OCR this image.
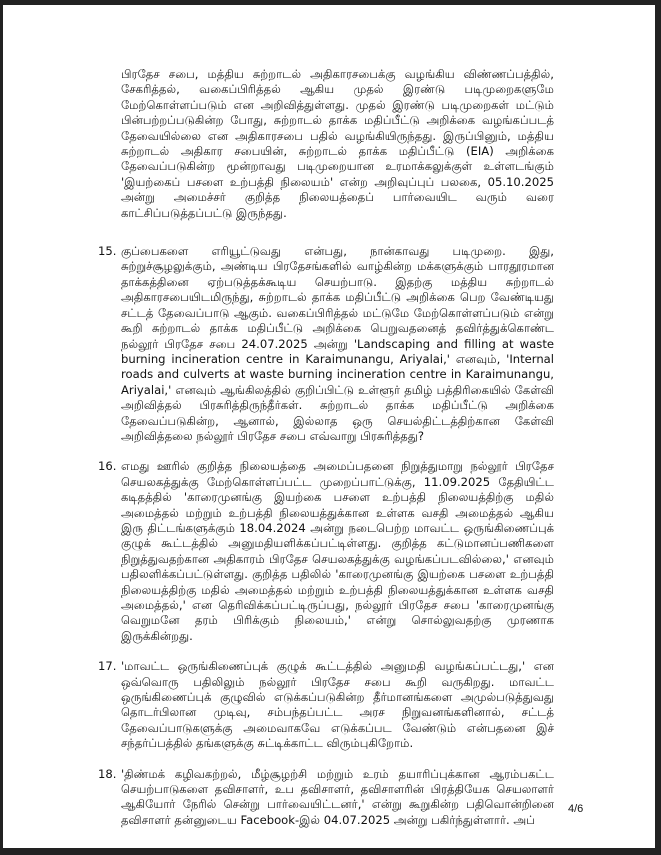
பிரதேச சபை, மத்திய சுற்றாடல் அதிகாரசபைக்கு வழங்கிய விண்ணப்பத்தில், சேகரித்தல், வகைப்பிரித்தல் ஆகிய முதல் இரண்டு படிமுறைகளுமே மேற்கொள்ளப்படும் என அறிவித்துள்ளது. முதல் இரண்டு படிமுறைகள் மட்டும் பின்பற்றப்படுகின்ற போது, சுற்றாடல் தாக்க மதிப்பீட்டு அறிக்கை வழங்கப்படத் தேவையில்லை என அதிகாரசபை பதில் வழங்கியிருந்தது. இருப்பினும், மத்திய சுற்றாடல் அதிகார சபையின், சுற்றாடல் தாக்க மதிப்பீட்டு (EIA) அறிக்கை தேவைப்படுகின்ற மூன்றாவது படிமுறையான உரமாக்கலுக்குள் உள்ளடங்கும் 'இயற்கைப் பசளை உற்பத்தி நிலையம்' என்ற அறிவுப்புப் பலகை, 05.10.2025 அன்று அமைச்சர் குறித்த நிலையத்தைப் பார்வையிட வரும் வரை காட்சிப்படுத்தப்பட்டு இருந்தது.

15. குப்பைகளை எரியூட்டுவது என்பது, நான்காவது படிமுறை. இது, சுற்றுச்சூழலுக்கும், அண்டிய பிரதேசங்களில் வாழ்கின்ற மக்களுக்கும் பாரதூரமான தாக்கத்தினை ஏற்படுத்தக்கூடிய செயற்பாடு. இதற்கு மத்திய சுற்றாடல் அதிகாரசபையிடமிருந்து, சுற்றாடல் தாக்க மதிப்பீட்டு அறிக்கை பெற வேண்டியது சட்டத் தேவைப்பாடு ஆகும். வகைப்பிரித்தல் மட்டுமே மேற்கொள்ளப்படும் என்று கூறி சுற்றாடல் தாக்க மதிப்பீட்டு அறிக்கை பெறுவதனைத் தவிர்த்துக்கொண்ட நல்லூர் பிரதேச சபை 24.07.2025 அன்று 'Landscaping and filling at waste burning incineration centre in Karaimunangu, Ariyalai,' எனவும், 'Internal roads and culverts at waste burning incineration centre in Karaimunangu, Ariyalai,' எனவும் ஆங்கிலத்தில் குறிப்பிட்டு உள்ளூர் தமிழ் பத்திரிகையில் கேள்வி அறிவித்தல் பிரசுரித்திருந்தீர்கள். சுற்றாடல் தாக்க மதிப்பீட்டு அறிக்கை தேவைப்படுகின்ற, ஆனால், இல்லாத ஒரு செயல்திட்டத்திற்கான கேள்வி அறிவித்தலை நல்லூர் பிரதேச சபை எவ்வாறு பிரசுரித்தது?
16. எமது ஊரில் குறித்த நிலையத்தை அமைப்பதனை நிறுத்துமாறு நல்லூர் பிரதேச செயலகத்துக்கு மேற்கொள்ளப்பட்ட முறைப்பாட்டுக்கு, 11.09.2025 தேதியிட்ட கடிதத்தில் 'காரைமுனங்கு இயற்கை பசளை உற்பத்தி நிலையத்திற்கு மதில் அமைத்தல் மற்றும் உற்பத்தி நிலையத்துக்கான உள்ளக வசதி அமைத்தல் ஆகிய இரு திட்டங்களுக்கும் 18.04.2024 அன்று நடைபெற்ற மாவட்ட ஒருங்கிணைப்புக் குழுக் கூட்டத்தில் அனுமதியளிக்கப்பட்டிள்ளது. குறித்த கட்டுமானப்பணிகளை நிறுத்துவதற்கான அதிகாரம் பிரதேச செயலகத்துக்கு வழங்கப்படவில்லை,' எனவும் பதிலளிக்கப்பட்டுள்ளது. குறித்த பதிலில் 'காரைமுனங்கு இயற்கை பசளை உற்பத்தி நிலையத்திற்கு மதில் அமைத்தல் மற்றும் உற்பத்தி நிலையத்துக்கான உள்ளக வசதி அமைத்தல்,' என தெரிவிக்கப்பட்டிருப்பது, நல்லூர் பிரதேச சபை 'காரைமுனங்கு வெறுமனே தரம் பிரிக்கும் நிலையம்,' என்று சொல்லுவதற்கு முரணாக இருக்கின்றது.
17. 'மாவட்ட ஒருங்கிணைப்புக் குழுக் கூட்டத்தில் அனுமதி வழங்கப்பட்டது,' என ஒவ்வொரு பதிலிலும் நல்லூர் பிரதேச சபை கூறி வருகிறது. மாவட்ட ஒருங்கிணைப்புக் குழுவில் எடுக்கப்படுகின்ற தீர்மானங்களை அமுல்படுத்துவது தொடர்பிலான முடிவு, சம்பந்தப்பட்ட அரச நிறுவனங்களினால், சட்டத் தேவைப்பாடுகளுக்கு அமைவாகவே எடுக்கப்பட வேண்டும் என்பதனை இச் சந்தர்ப்பத்தில் தங்களுக்கு சுட்டிக்காட்ட விரும்புகிறோம்.
18. 'திண்மக் கழிவகற்றல், மீழ்சூழற்சி மற்றும் உரம் தயாரிப்புக்கான ஆரம்பகட்ட செயற்பாடுகளை தவிசாளர், உப தவிசாளர், தவிசாளரின் பிரத்தியேக செயலாளர் ஆகியோர் நேரில் சென்று பார்வையிட்டனர்,' என்று கூறுகின்ற பதிவொன்றினை தவிசாளர் தன்னுடைய Facebook-இல் 04.07.2025 அன்று பகிர்ந்துள்ளார். அப்
4/6
